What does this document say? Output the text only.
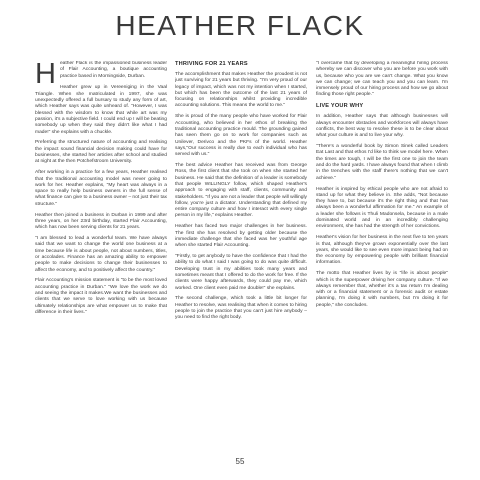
HEATHER FLACK

Heather Flack is the impassioned business leader of Flair Accounting, a boutique accounting practice based in Morningside, Durban.

Heather grew up in Vereeniging in the Vaal Triangle. When she matriculated in 1997, she was unexpectedly offered a full bursary to study any form of art, which Heather says was quite unheard of. "However, I was blessed with the wisdom to know that while art was my passion, it's a subjective field. I could end up I will be beating somebody up when they said they didn't like what I had made!" she explains with a chuckle.

Preferring the structured nature of accounting and realising the impact sound financial decision making could have for businesses, she started her articles after school and studied at night at the then Potchefstroom University.

After working in a practice for a few years, Heather realised that the traditional accounting model was never going to work for her. Heather explains, "My heart was always in a space to really help business owners in the full sense of what finance can give to a business owner – not just their tax structure."

Heather then joined a business in Durban in 1999 and after three years, on her 23rd birthday, started Flair Accounting, which has now been serving clients for 21 years.

"I am blessed to lead a wonderful team. We have always said that we want to change the world one business at a time because life is about people, not about numbers, titles, or accolades. Finance has an amazing ability to empower people to make decisions to change their businesses to affect the economy, and to positively affect the country."

Flair Accounting's mission statement is "to be the most loved accounting practice in Durban." "We love the work we do and seeing the impact it makes.We want the businesses and clients that we serve to love working with us because ultimately relationships are what empower us to make that difference in their lives."

THRIVING FOR 21 YEARS

The accomplishment that makes Heather the proudest is not just surviving for 21 years but thriving. "I'm very proud of our legacy of impact, which was not my intention when I started, but which has been the outcome of the last 21 years of focusing on relationships whilst providing incredible accounting solutions. This means the world to me."

She is proud of the many people who have worked for Flair Accounting, who believed in her ethos of breaking the traditional accounting practice mould. The grounding gained has seen them go on to work for companies such as Unilever, Derivco and the PKFs of the world. Heather says,"Our success is really due to each individual who has served with us."

The best advice Heather has received was from George Ross, the first client that she took on when she started her business. He said that the definition of a leader is somebody that people WILLINGLY follow, which shaped Heather's approach to engaging with staff, clients, community and stakeholders. "If you are not a leader that people will willingly follow, you're just a dictator. Understanding that defined my entire company culture and how I interact with every single person in my life," explains Heather.

Heather has faced two major challenges in her business. The first she has resolved by getting older because the immediate challenge that she faced was her youthful age when she started Flair Accounting.

"Firstly, to get anybody to have the confidence that I had the ability to do what I said I was going to do was quite difficult. Developing trust in my abilities took many years and sometimes meant that I offered to do the work for free. If the clients were happy afterwards, they could pay me, which worked. One client even paid me double!" she explains.

The second challenge, which took a little bit longer for Heather to resolve, was realising that when it comes to hiring people to join the practice that you can't just hire anybody – you need to find the right body.

"I overcame that by developing a meaningful hiring process whereby we can discover who you are before you work with us, because who you are we can't change. What you know we can change; we can teach you and you can learn. I'm immensely proud of our hiring process and how we go about finding those right people."

LIVE YOUR WHY

In addition, Heather says that although businesses will always encounter obstacles and workforces will always have conflicts, the best way to resolve these is to be clear about what your culture is and to live your why.

"There's a wonderful book by Simon Sinek called Leaders Eat Last and that ethos I'd like to think we model here. When the times are tough, I will be the first one to join the team and do the hard yards. I have always found that when I climb in the trenches with the staff there's nothing that we can't achieve."

Heather is inspired by ethical people who are not afraid to stand up for what they believe in. She adds, "Not because they have to, but because it's the right thing and that has always been a wonderful affirmation for me." An example of a leader she follows is Thuli Madonsela, because in a male dominated world and in an incredibly challenging environment, she has had the strength of her convictions.

Heather's vision for her business in the next five to ten years is that, although they've grown exponentially over the last years, she would like to see even more impact being had on the economy by empowering people with brilliant financial information.

The motto that Heather lives by is "life is about people" which is the superpower driving her company culture. "If we always remember that, whether it's a tax return I'm dealing with or a financial statement or a forensic audit or estate planning, I'm doing it with numbers, but I'm doing it for people," she concludes.

55
